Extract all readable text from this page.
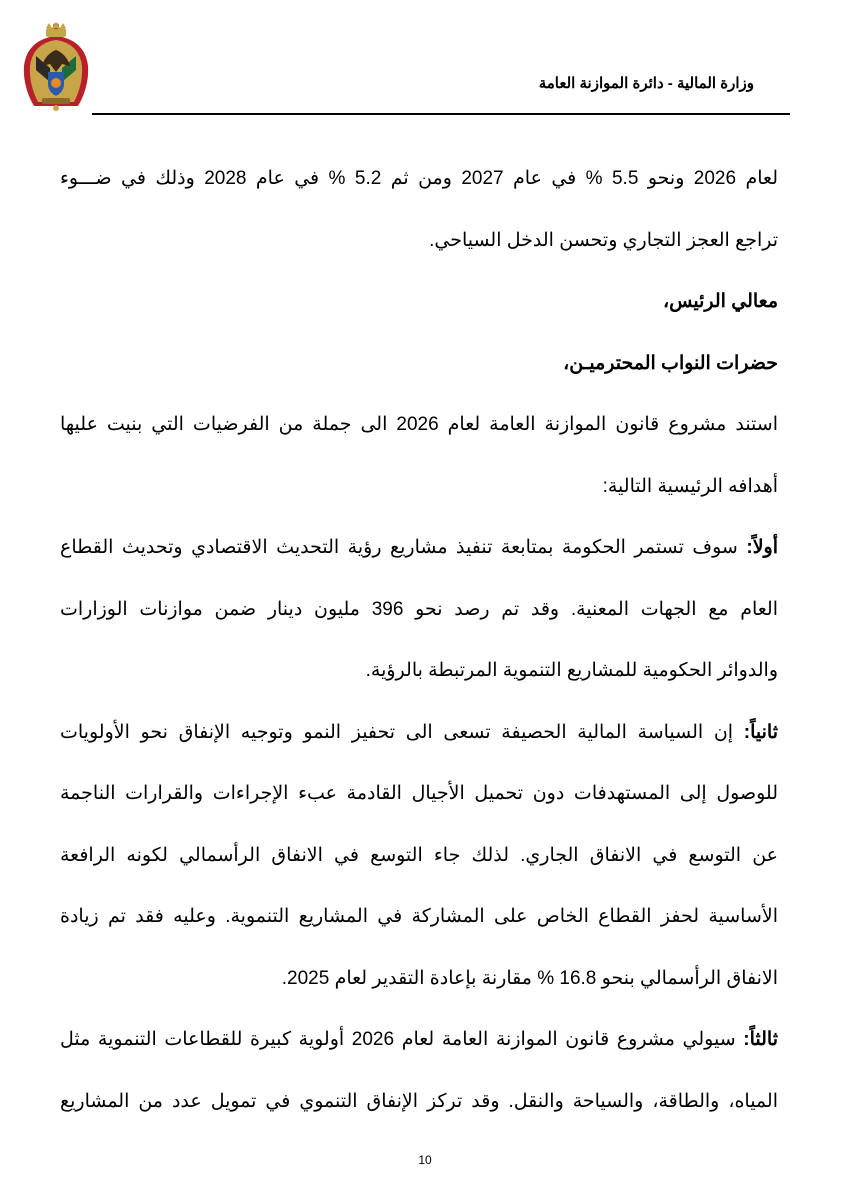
وزارة المالية - دائرة الموازنة العامة
لعام 2026 ونحو 5.5 % في عام 2027 ومن ثم 5.2 % في عام 2028 وذلك في ضـــوء
تراجع العجز التجاري وتحسن الدخل السياحي.
معالي الرئيس،
حضرات النواب المحترميـن،
استند مشروع قانون الموازنة العامة لعام 2026 الى جملة من الفرضيات التي بنيت عليها
أهدافه الرئيسية التالية:
أولاً: سوف تستمر الحكومة بمتابعة تنفيذ مشاريع رؤية التحديث الاقتصادي وتحديث القطاع
العام مع الجهات المعنية. وقد تم رصد نحو 396 مليون دينار ضمن موازنات الوزارات
والدوائر الحكومية للمشاريع التنموية المرتبطة بالرؤية.
ثانياً: إن السياسة المالية الحصيفة تسعى الى تحفيز النمو وتوجيه الإنفاق نحو الأولويات
للوصول إلى المستهدفات دون تحميل الأجيال القادمة عبء الإجراءات والقرارات الناجمة
عن التوسع في الانفاق الجاري. لذلك جاء التوسع في الانفاق الرأسمالي لكونه الرافعة
الأساسية لحفز القطاع الخاص على المشاركة في المشاريع التنموية. وعليه فقد تم زيادة
الانفاق الرأسمالي بنحو 16.8 % مقارنة بإعادة التقدير لعام 2025.
ثالثاً: سيولي مشروع قانون الموازنة العامة لعام 2026 أولوية كبيرة للقطاعات التنموية مثل
المياه، والطاقة، والسياحة والنقل. وقد تركز الإنفاق التنموي في تمويل عدد من المشاريع
10
